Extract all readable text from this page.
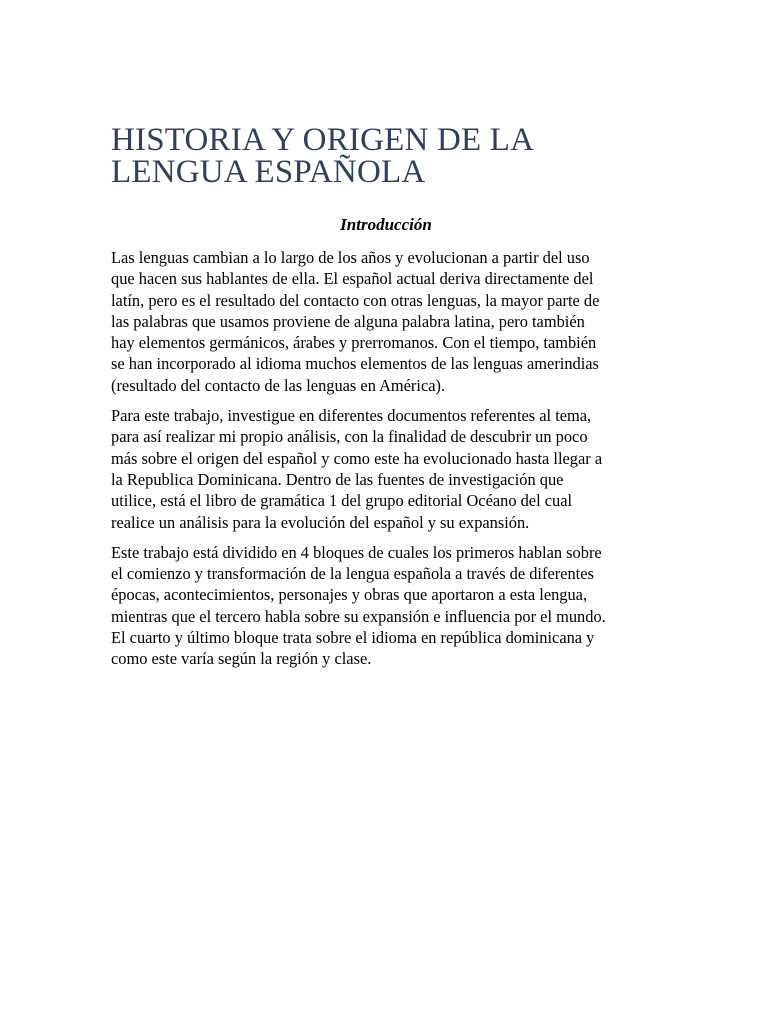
HISTORIA Y ORIGEN DE LA
LENGUA ESPAÑOLA
Introducción

Las lenguas cambian a lo largo de los años y evolucionan a partir del uso
que hacen sus hablantes de ella. El español actual deriva directamente del
latín, pero es el resultado del contacto con otras lenguas, la mayor parte de
las palabras que usamos proviene de alguna palabra latina, pero también
hay elementos germánicos, árabes y prerromanos. Con el tiempo, también
se han incorporado al idioma muchos elementos de las lenguas amerindias
(resultado del contacto de las lenguas en América).

Para este trabajo, investigue en diferentes documentos referentes al tema,
para así realizar mi propio análisis, con la finalidad de descubrir un poco
más sobre el origen del español y como este ha evolucionado hasta llegar a
la Republica Dominicana. Dentro de las fuentes de investigación que
utilice, está el libro de gramática 1 del grupo editorial Océano del cual
realice un análisis para la evolución del español y su expansión.

Este trabajo está dividido en 4 bloques de cuales los primeros hablan sobre
el comienzo y transformación de la lengua española a través de diferentes
épocas, acontecimientos, personajes y obras que aportaron a esta lengua,
mientras que el tercero habla sobre su expansión e influencia por el mundo.
El cuarto y último bloque trata sobre el idioma en república dominicana y
como este varía según la región y clase.
